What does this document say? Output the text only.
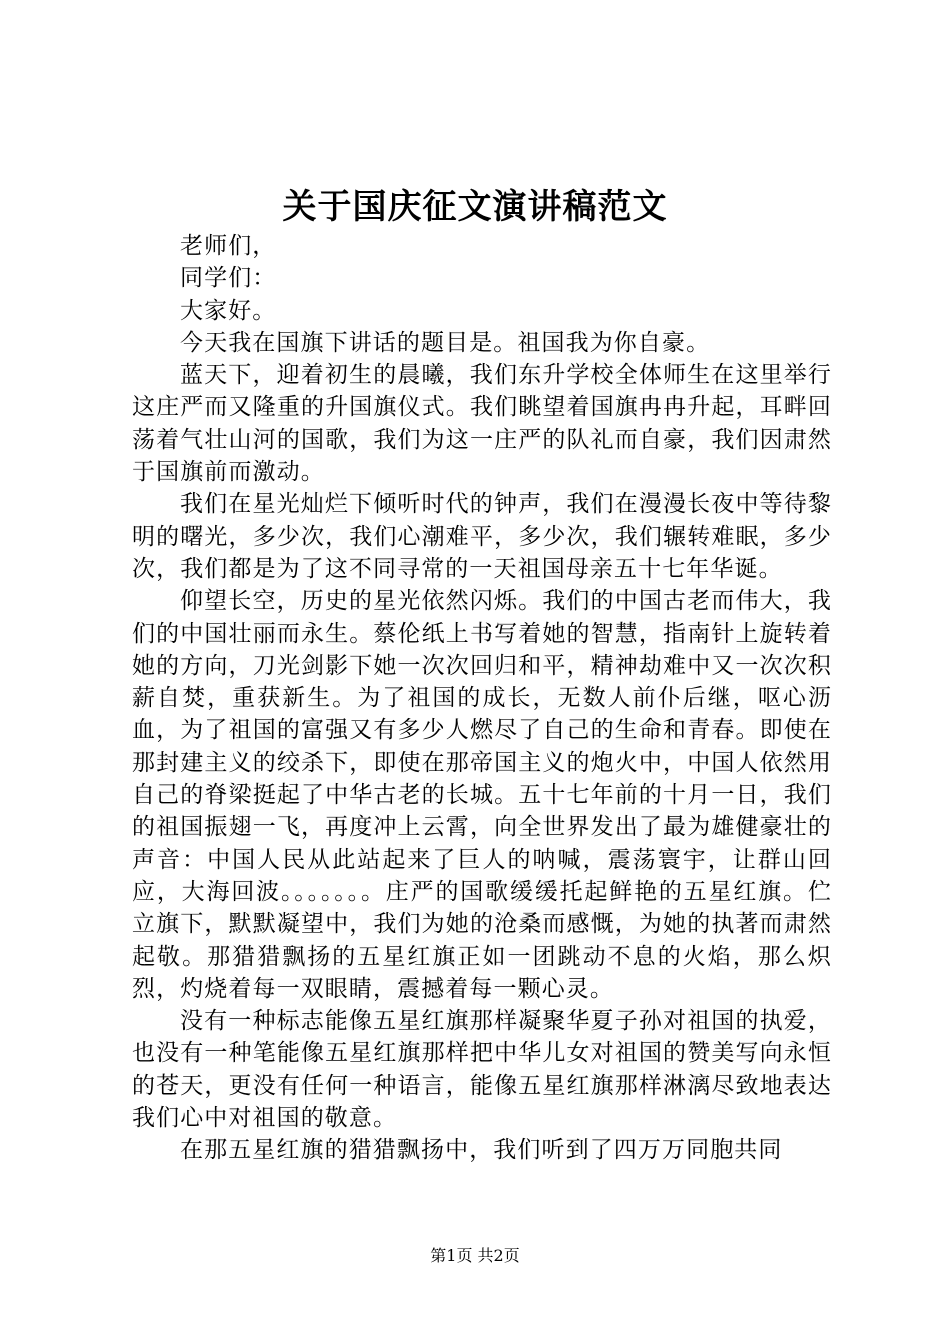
关于国庆征文演讲稿范文

老师们，

同学们：

大家好。

今天我在国旗下讲话的题目是。祖国我为你自豪。

蓝天下，迎着初生的晨曦，我们东升学校全体师生在这里举行这庄严而又隆重的升国旗仪式。我们眺望着国旗冉冉升起，耳畔回荡着气壮山河的国歌，我们为这一庄严的队礼而自豪，我们因肃然于国旗前而激动。

我们在星光灿烂下倾听时代的钟声，我们在漫漫长夜中等待黎明的曙光，多少次，我们心潮难平，多少次，我们辗转难眠，多少次，我们都是为了这不同寻常的一天祖国母亲五十七年华诞。

仰望长空，历史的星光依然闪烁。我们的中国古老而伟大，我们的中国壮丽而永生。蔡伦纸上书写着她的智慧，指南针上旋转着她的方向，刀光剑影下她一次次回归和平，精神劫难中又一次次积薪自焚，重获新生。为了祖国的成长，无数人前仆后继，呕心沥血，为了祖国的富强又有多少人燃尽了自己的生命和青春。即使在那封建主义的绞杀下，即使在那帝国主义的炮火中，中国人依然用自己的脊梁挺起了中华古老的长城。五十七年前的十月一日，我们的祖国振翅一飞，再度冲上云霄，向全世界发出了最为雄健豪壮的声音：中国人民从此站起来了巨人的呐喊，震荡寰宇，让群山回应，大海回波。。。。。。。庄严的国歌缓缓托起鲜艳的五星红旗。伫立旗下，默默凝望中，我们为她的沧桑而感慨，为她的执著而肃然起敬。那猎猎飘扬的五星红旗正如一团跳动不息的火焰，那么炽烈，灼烧着每一双眼睛，震撼着每一颗心灵。

没有一种标志能像五星红旗那样凝聚华夏子孙对祖国的执爱，也没有一种笔能像五星红旗那样把中华儿女对祖国的赞美写向永恒的苍天，更没有任何一种语言，能像五星红旗那样淋漓尽致地表达我们心中对祖国的敬意。

在那五星红旗的猎猎飘扬中，我们听到了四万万同胞共同

第1页 共2页
